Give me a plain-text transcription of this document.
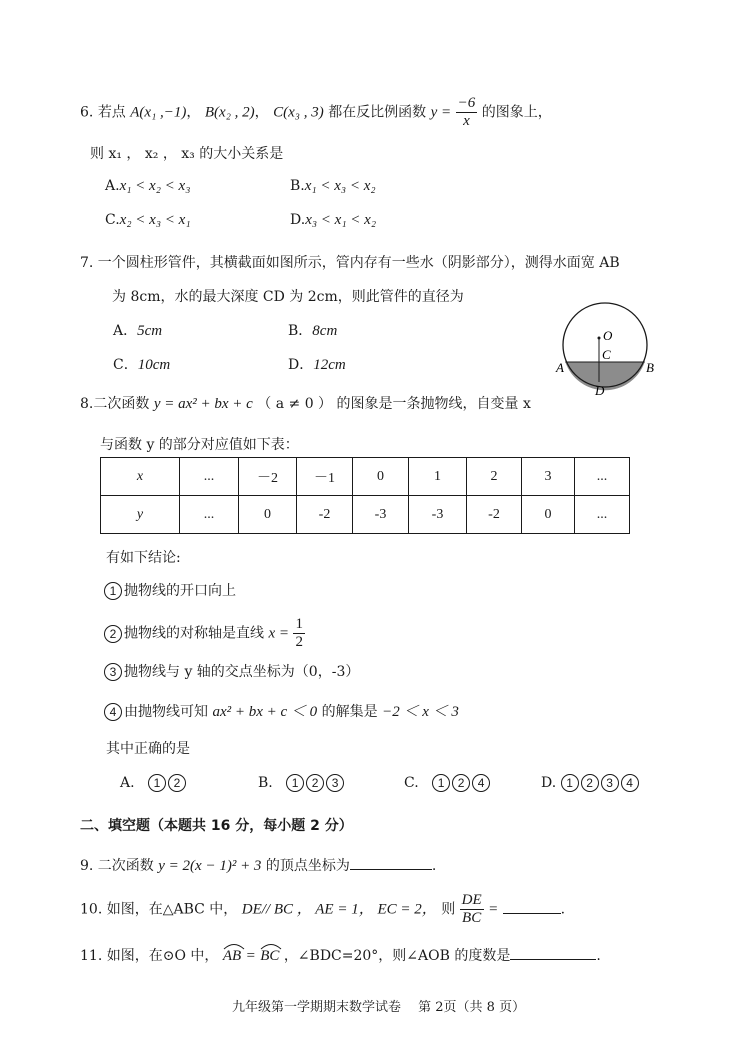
6. 若点 A(x₁ ,−1)， B(x₂ , 2)， C(x₃ , 3) 都在反比例函数 $y = \frac{-6}{x}$ 的图象上，
则 x₁ ， x₂ ， x₃ 的大小关系是
A.x₁ < x₂ < x₃	B.x₁ < x₃ < x₂
C.x₂ < x₃ < x₁	D.x₃ < x₁ < x₂
7. 一个圆柱形管件，其横截面如图所示，管内存有一些水（阴影部分），测得水面宽 AB
为 8cm，水的最大深度 CD 为 2cm，则此管件的直径为
A．5cm	B．8cm
C．10cm	D．12cm
O
C
A	B
D
8.二次函数 y = ax² + bx + c （ a ≠ 0 ） 的图象是一条抛物线，自变量 x
与函数 y 的部分对应值如下表：
x	...	－2	－1	0	1	2	3	...
y	...	0	-2	-3	-3	-2	0	...
有如下结论:
1 抛物线的开口向上
2 抛物线的对称轴是直线 $x = \frac{1}{2}$
3 抛物线与 y 轴的交点坐标为（0，-3）
4 由抛物线可知 ax² + bx + c ＜ 0 的解集是 −2 ＜ x ＜ 3
其中正确的是
A. 1 2	B. 1 2 3	C. 1 2 4	D. 1 2 3 4
二、填空题（本题共 16 分，每小题 2 分）
9. 二次函数 y = 2(x − 1)² + 3 的顶点坐标为	.
10. 如图，在△ABC 中， DE// BC ， AE = 1， EC = 2， 则 $\frac{DE}{BC}$ =	.
11. 如图，在⊙O 中， AB = BC ，∠BDC=20°，则∠AOB 的度数是	.
九年级第一学期期末数学试卷　 第 2页（共 8 页）
